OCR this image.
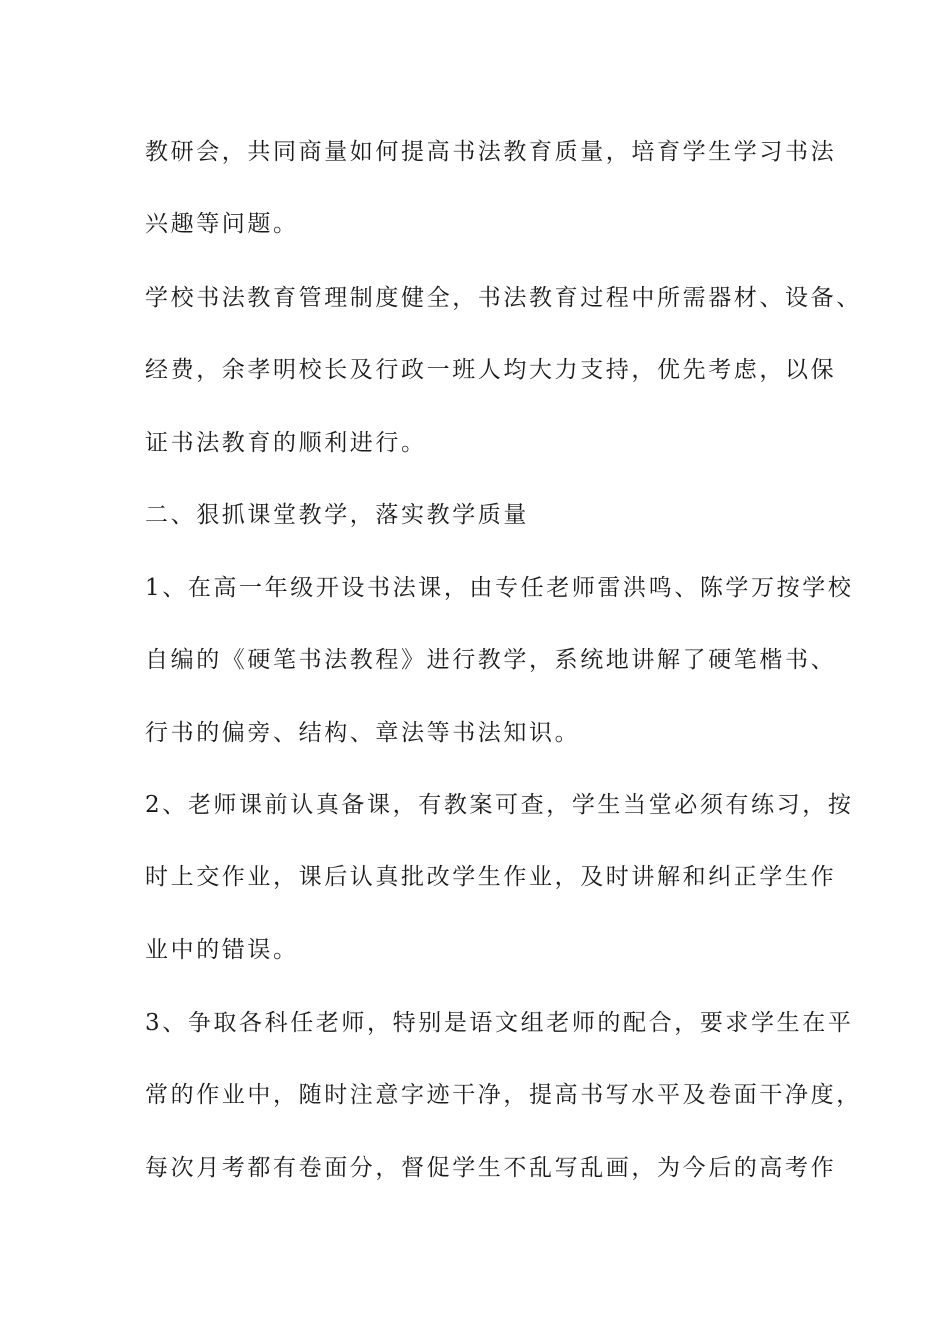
教研会，共同商量如何提高书法教育质量，培育学生学习书法
兴趣等问题。
学校书法教育管理制度健全，书法教育过程中所需器材、设备、
经费，余孝明校长及行政一班人均大力支持，优先考虑，以保
证书法教育的顺利进行。
二、狠抓课堂教学，落实教学质量
1、在高一年级开设书法课，由专任老师雷洪鸣、陈学万按学校
自编的《硬笔书法教程》进行教学，系统地讲解了硬笔楷书、
行书的偏旁、结构、章法等书法知识。
2、老师课前认真备课，有教案可查，学生当堂必须有练习，按
时上交作业，课后认真批改学生作业，及时讲解和纠正学生作
业中的错误。
3、争取各科任老师，特别是语文组老师的配合，要求学生在平
常的作业中，随时注意字迹干净，提高书写水平及卷面干净度，
每次月考都有卷面分，督促学生不乱写乱画，为今后的高考作
